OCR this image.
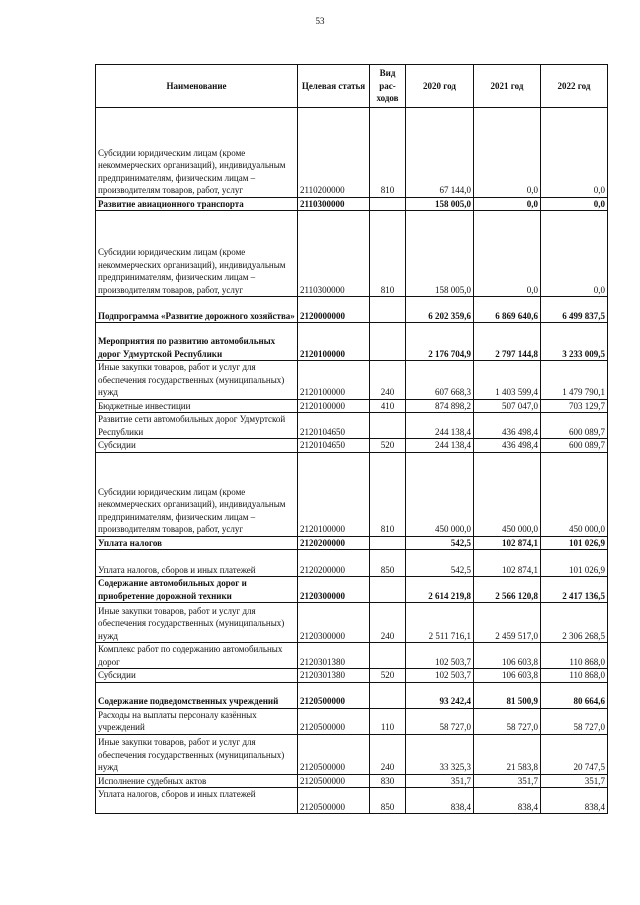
53
Наименование	Целевая статья	Вид рас-ходов	2020 год	2021 год	2022 год
Субсидии юридическим лицам (кроме некоммерческих организаций), индивидуальным предпринимателям, физическим лицам – производителям товаров, работ, услуг	2110200000	810	67 144,0	0,0	0,0
Развитие авиационного транспорта	2110300000		158 005,0	0,0	0,0
Субсидии юридическим лицам (кроме некоммерческих организаций), индивидуальным предпринимателям, физическим лицам – производителям товаров, работ, услуг	2110300000	810	158 005,0	0,0	0,0
Подпрограмма «Развитие дорожного хозяйства»	2120000000		6 202 359,6	6 869 640,6	6 499 837,5
Мероприятия по развитию автомобильных дорог Удмуртской Республики	2120100000		2 176 704,9	2 797 144,8	3 233 009,5
Иные закупки товаров, работ и услуг для обеспечения государственных (муниципальных) нужд	2120100000	240	607 668,3	1 403 599,4	1 479 790,1
Бюджетные инвестиции	2120100000	410	874 898,2	507 047,0	703 129,7
Развитие сети автомобильных дорог Удмуртской Республики	2120104650		244 138,4	436 498,4	600 089,7
Субсидии	2120104650	520	244 138,4	436 498,4	600 089,7
Субсидии юридическим лицам (кроме некоммерческих организаций), индивидуальным предпринимателям, физическим лицам – производителям товаров, работ, услуг	2120100000	810	450 000,0	450 000,0	450 000,0
Уплата налогов	2120200000		542,5	102 874,1	101 026,9
Уплата налогов, сборов и иных платежей	2120200000	850	542,5	102 874,1	101 026,9
Содержание автомобильных дорог и приобретение дорожной техники	2120300000		2 614 219,8	2 566 120,8	2 417 136,5
Иные закупки товаров, работ и услуг для обеспечения государственных (муниципальных) нужд	2120300000	240	2 511 716,1	2 459 517,0	2 306 268,5
Комплекс работ по содержанию автомобильных дорог	2120301380		102 503,7	106 603,8	110 868,0
Субсидии	2120301380	520	102 503,7	106 603,8	110 868,0
Содержание подведомственных учреждений	2120500000		93 242,4	81 500,9	80 664,6
Расходы на выплаты персоналу казённых учреждений	2120500000	110	58 727,0	58 727,0	58 727,0
Иные закупки товаров, работ и услуг для обеспечения государственных (муниципальных) нужд	2120500000	240	33 325,3	21 583,8	20 747,5
Исполнение судебных актов	2120500000	830	351,7	351,7	351,7
Уплата налогов, сборов и иных платежей	2120500000	850	838,4	838,4	838,4
